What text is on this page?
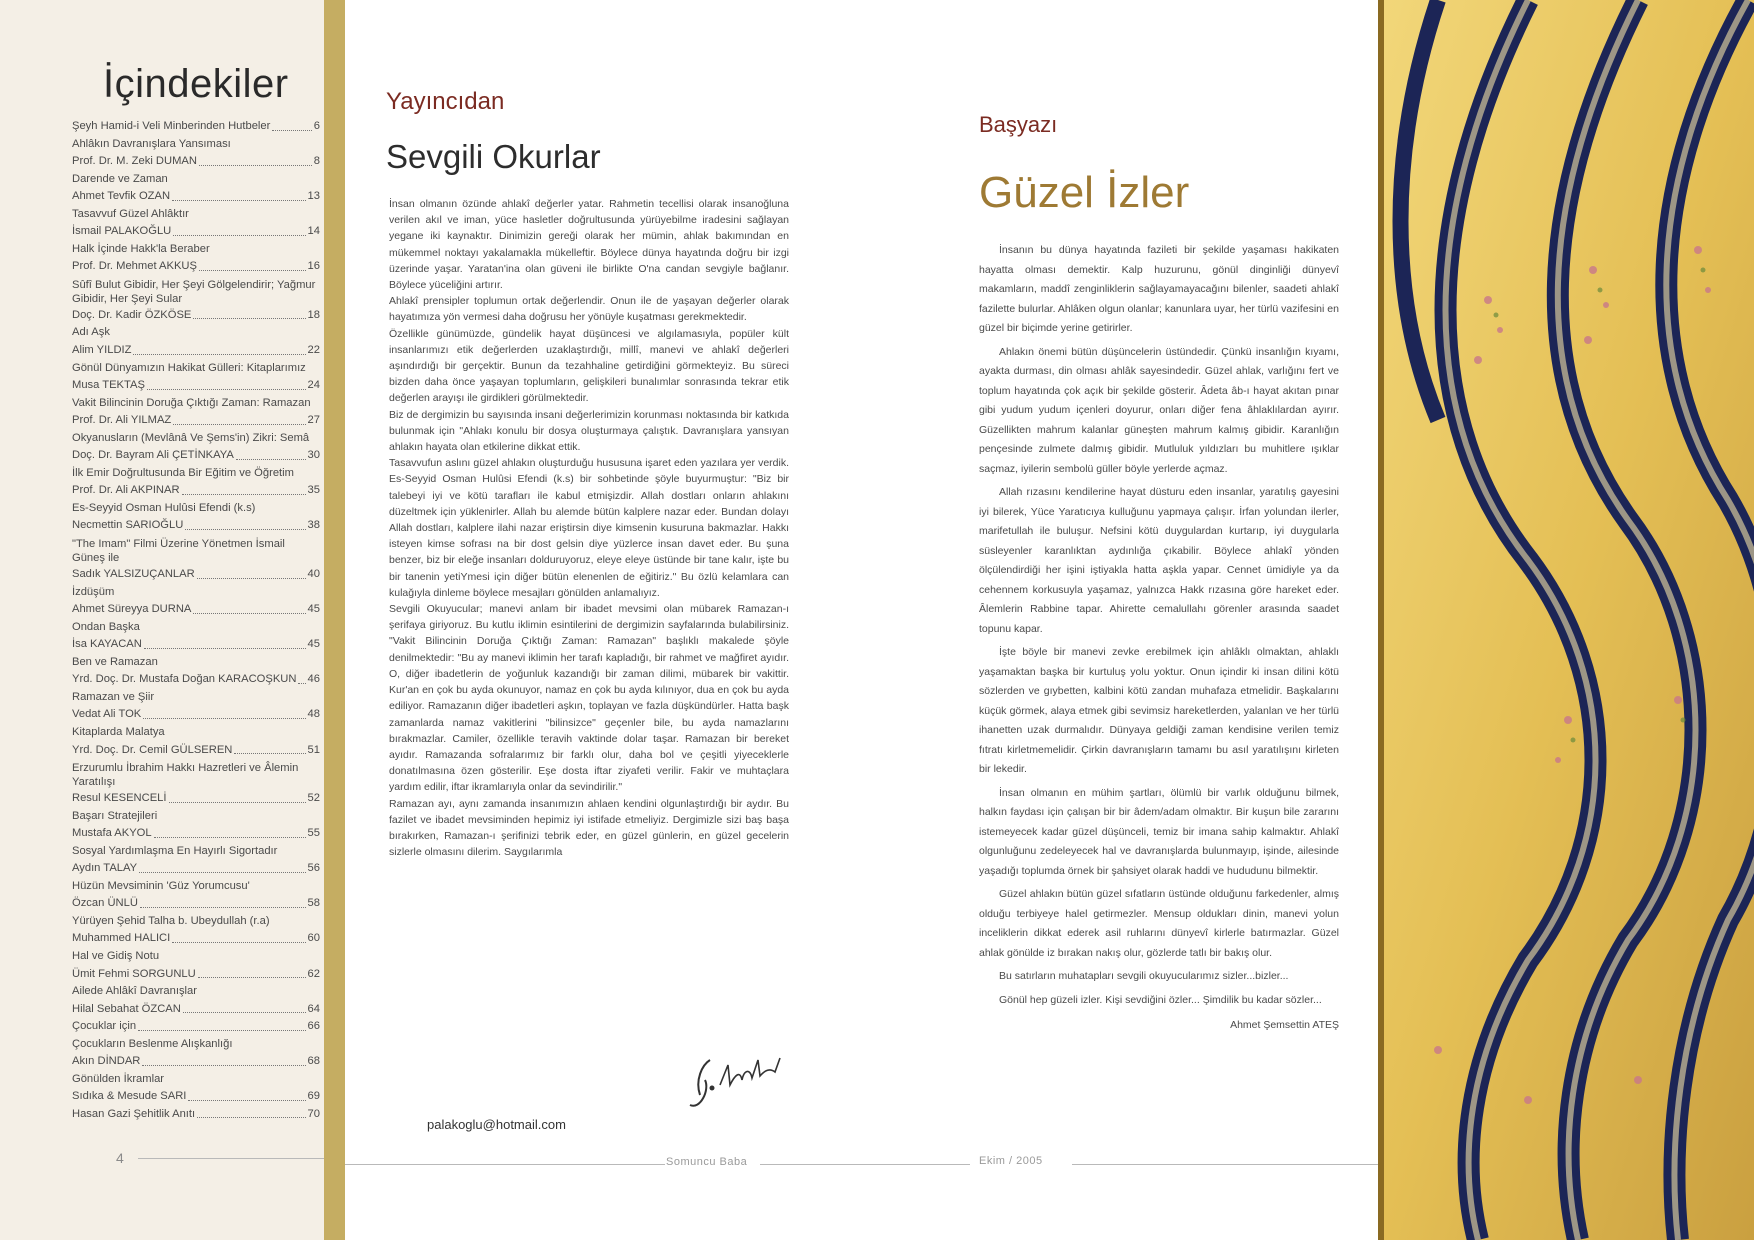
İçindekiler
Şeyh Hamid-i Veli Minberinden Hutbeler	6
Ahlâkın Davranışlara Yansıması
Prof. Dr. M. Zeki DUMAN	8
Darende ve Zaman
Ahmet Tevfik OZAN	13
Tasavvuf Güzel Ahlâktır
İsmail PALAKOĞLU	14
Halk İçinde Hakk'la Beraber
Prof. Dr. Mehmet AKKUŞ	16
Sûfî Bulut Gibidir, Her Şeyi Gölgelendirir; Yağmur Gibidir, Her Şeyi Sular
Doç. Dr. Kadir ÖZKÖSE	18
Adı Aşk
Alim YILDIZ	22
Gönül Dünyamızın Hakikat Gülleri: Kitaplarımız
Musa TEKTAŞ	24
Vakit Bilincinin Doruğa Çıktığı Zaman: Ramazan
Prof. Dr. Ali YILMAZ	27
Okyanusların (Mevlânâ Ve Şems'in) Zikri: Semâ
Doç. Dr. Bayram Ali ÇETİNKAYA	30
İlk Emir Doğrultusunda Bir Eğitim ve Öğretim
Prof. Dr. Ali AKPINAR	35
Es-Seyyid Osman Hulûsi Efendi (k.s)
Necmettin SARIOĞLU	38
"The Imam" Filmi Üzerine Yönetmen İsmail Güneş ile
Sadık YALSIZUÇANLAR	40
İzdüşüm
Ahmet Süreyya DURNA	45
Ondan Başka
İsa KAYACAN	45
Ben ve Ramazan
Yrd. Doç. Dr. Mustafa Doğan KARACOŞKUN 46
Ramazan ve Şiir
Vedat Ali TOK	48
Kitaplarda Malatya
Yrd. Doç. Dr. Cemil GÜLSEREN	51
Erzurumlu İbrahim Hakkı Hazretleri ve Âlemin Yaratılışı
Resul KESENCELİ	52
Başarı Stratejileri
Mustafa AKYOL	55
Sosyal Yardımlaşma En Hayırlı Sigortadır
Aydın TALAY	56
Hüzün Mevsiminin 'Güz Yorumcusu'
Özcan ÜNLÜ	58
Yürüyen Şehid Talha b. Ubeydullah (r.a)
Muhammed HALICI	60
Hal ve Gidiş Notu
Ümit Fehmi SORGUNLU	62
Ailede Ahlâkî Davranışlar
Hilal Sebahat ÖZCAN	64
Çocuklar için	66
Çocukların Beslenme Alışkanlığı
Akın DİNDAR	68
Gönülden İkramlar
Sıdıka & Mesude SARI	69
Hasan Gazi Şehitlik Anıtı	70
4
Yayıncıdan
Sevgili Okurlar

İnsan olmanın özünde ahlakî değerler yatar. Rahmetin tecellisi olarak insanoğluna verilen akıl ve iman, yüce hasletler doğrultusunda yürüyebilme iradesini sağlayan yegane iki kaynaktır. Dinimizin gereği olarak her mümin, ahlak bakımından en mükemmel noktayı yakalamakla mükelleftir. Böylece dünya hayatında doğru bir izgi üzerinde yaşar. Yaratan'ina olan güveni ile birlikte O'na candan sevgiyle bağlanır. Böylece yüceliğini artırır.

Ahlakî prensipler toplumun ortak değerlendir. Onun ile de yaşayan değerler olarak hayatımıza yön vermesi daha doğrusu her yönüyle kuşatması gerekmektedir.

Özellikle günümüzde, gündelik hayat düşüncesi ve algılamasıyla, popüler kült insanlarımızı etik değerlerden uzaklaştırdığı, millî, manevi ve ahlakî değerleri aşındırdığı bir gerçektir. Bunun da tezahhaline getirdiğini görmekteyiz. Bu süreci bizden daha önce yaşayan toplumların, gelişkileri bunalımlar sonrasında tekrar etik değerlen arayışı ile girdikleri görülmektedir.

Biz de dergimizin bu sayısında insani değerlerimizin korunması noktasında bir katkıda bulunmak için "Ahlakı konulu bir dosya oluşturmaya çalıştık. Davranışlara yansıyan ahlakın hayata olan etkilerine dikkat ettik.

Tasavvufun aslını güzel ahlakın oluşturduğu hususuna işaret eden yazılara yer verdik. Es-Seyyid Osman Hulûsi Efendi (k.s) bir sohbetinde şöyle buyurmuştur: "Biz bir talebeyi iyi ve kötü tarafları ile kabul etmişizdir. Allah dostları onların ahlakını düzeltmek için yüklenirler. Allah bu alemde bütün kalplere nazar eder. Bundan dolayı Allah dostları, kalplere ilahi nazar eriştirsin diye kimsenin kusuruna bakmazlar. Hakkı isteyen kimse sofrası na bir dost gelsin diye yüzlerce insan davet eder. Bu şuna benzer, biz bir eleğe insanları dolduruyoruz, eleye eleye üstünde bir tane kalır, işte bu bir tanenin yetiYmesi için diğer bütün elenenlen de eğitiriz." Bu özlü kelamlara can kulağıyla dinleme böylece mesajları gönülden anlamalıyız.

Sevgili Okuyucular; manevi anlam bir ibadet mevsimi olan mübarek Ramazan-ı şerifaya giriyoruz. Bu kutlu iklimin esintilerini de dergimizin sayfalarında bulabilirsiniz. "Vakit Bilincinin Doruğa Çıktığı Zaman: Ramazan" başlıklı makalede şöyle denilmektedir: "Bu ay manevi iklimin her tarafı kapladığı, bir rahmet ve mağfiret ayıdır. O, diğer ibadetlerin de yoğunluk kazandığı bir zaman dilimi, mübarek bir vakittir. Kur'an en çok bu ayda okunuyor, namaz en çok bu ayda kılınıyor, dua en çok bu ayda ediliyor. Ramazanın diğer ibadetleri aşkın, toplayan ve fazla düşkündürler. Hatta başk zamanlarda namaz vakitlerini "bilinsizce" geçenler bile, bu ayda namazlarını bırakmazlar. Camiler, özellikle teravih vaktinde dolar taşar. Ramazan bir bereket ayıdır. Ramazanda sofralarımız bir farklı olur, daha bol ve çeşitli yiyeceklerle donatılmasına özen gösterilir. Eşe dosta iftar ziyafeti verilir. Fakir ve muhtaçlara yardım edilir, iftar ikramlarıyla onlar da sevindirilir."

Ramazan ayı, aynı zamanda insanımızın ahlaen kendini olgunlaştırdığı bir aydır. Bu fazilet ve ibadet mevsiminden hepimiz iyi istifade etmeliyiz. Dergimizle sizi baş başa bırakırken, Ramazan-ı şerifinizi tebrik eder, en güzel günlerin, en güzel gecelerin sizlerle olmasını dilerim. Saygılarımla

palakoglu@hotmail.com
Somuncu Baba
Başyazı
Güzel İzler

İnsanın bu dünya hayatında fazileti bir şekilde yaşaması hakikaten hayatta olması demektir. Kalp huzurunu, gönül dinginliği dünyevî makamların, maddî zenginliklerin sağlayamayacağını bilenler, saadeti ahlakî fazilette bulurlar. Ahlâken olgun olanlar; kanunlara uyar, her türlü vazifesini en güzel bir biçimde yerine getirirler.

Ahlakın önemi bütün düşüncelerin üstündedir. Çünkü insanlığın kıyamı, ayakta durması, din olması ahlâk sayesindedir. Güzel ahlak, varlığını fert ve toplum hayatında çok açık bir şekilde gösterir. Âdeta âb-ı hayat akıtan pınar gibi yudum yudum içenleri doyurur, onları diğer fena âhlaklılardan ayırır. Güzellikten mahrum kalanlar güneşten mahrum kalmış gibidir. Karanlığın pençesinde zulmete dalmış gibidir. Mutluluk yıldızları bu muhitlere ışıklar saçmaz, iyilerin sembolü güller böyle yerlerde açmaz.

Allah rızasını kendilerine hayat düsturu eden insanlar, yaratılış gayesini iyi bilerek, Yüce Yaratıcıya kulluğunu yapmaya çalışır. İrfan yolundan ilerler, marifetullah ile buluşur. Nefsini kötü duygulardan kurtarıp, iyi duygularla süsleyenler karanlıktan aydınlığa çıkabilir. Böylece ahlakî yönden ölçülendirdiği her işini iştiyakla hatta aşkla yapar. Cennet ümidiyle ya da cehennem korkusuyla yaşamaz, yalnızca Hakk rızasına göre hareket eder. Âlemlerin Rabbine tapar. Ahirette cemalullahı görenler arasında saadet topunu kapar.

İşte böyle bir manevi zevke erebilmek için ahlâklı olmaktan, ahlaklı yaşamaktan başka bir kurtuluş yolu yoktur. Onun içindir ki insan dilini kötü sözlerden ve gıybetten, kalbini kötü zandan muhafaza etmelidir. Başkalarını küçük görmek, alaya etmek gibi sevimsiz hareketlerden, yalanlan ve her türlü ihanetten uzak durmalıdır. Dünyaya geldiği zaman kendisine verilen temiz fıtratı kirletmemelidir. Çirkin davranışların tamamı bu asıl yaratılışını kirleten bir lekedir.

İnsan olmanın en mühim şartları, ölümlü bir varlık olduğunu bilmek, halkın faydası için çalışan bir bir âdem/adam olmaktır. Bir kuşun bile zararını istemeyecek kadar güzel düşünceli, temiz bir imana sahip kalmaktır. Ahlakî olgunluğunu zedeleyecek hal ve davranışlarda bulunmayıp, işinde, ailesinde yaşadığı toplumda örnek bir şahsiyet olarak haddi ve hududunu bilmektir.

Güzel ahlakın bütün güzel sıfatların üstünde olduğunu farkedenler, almış olduğu terbiyeye halel getirmezler. Mensup oldukları dinin, manevi yolun inceliklerin dikkat ederek asil ruhlarını dünyevî kirlerle batırmazlar. Güzel ahlak gönülde iz bırakan nakış olur, gözlerde tatlı bir bakış olur.

Bu satırların muhatapları sevgili okuyucularımız sizler...bizler...

Gönül hep güzeli izler. Kişi sevdiğini özler... Şimdilik bu kadar sözler...

Ahmet Şemsettin ATEŞ

Ekim / 2005
